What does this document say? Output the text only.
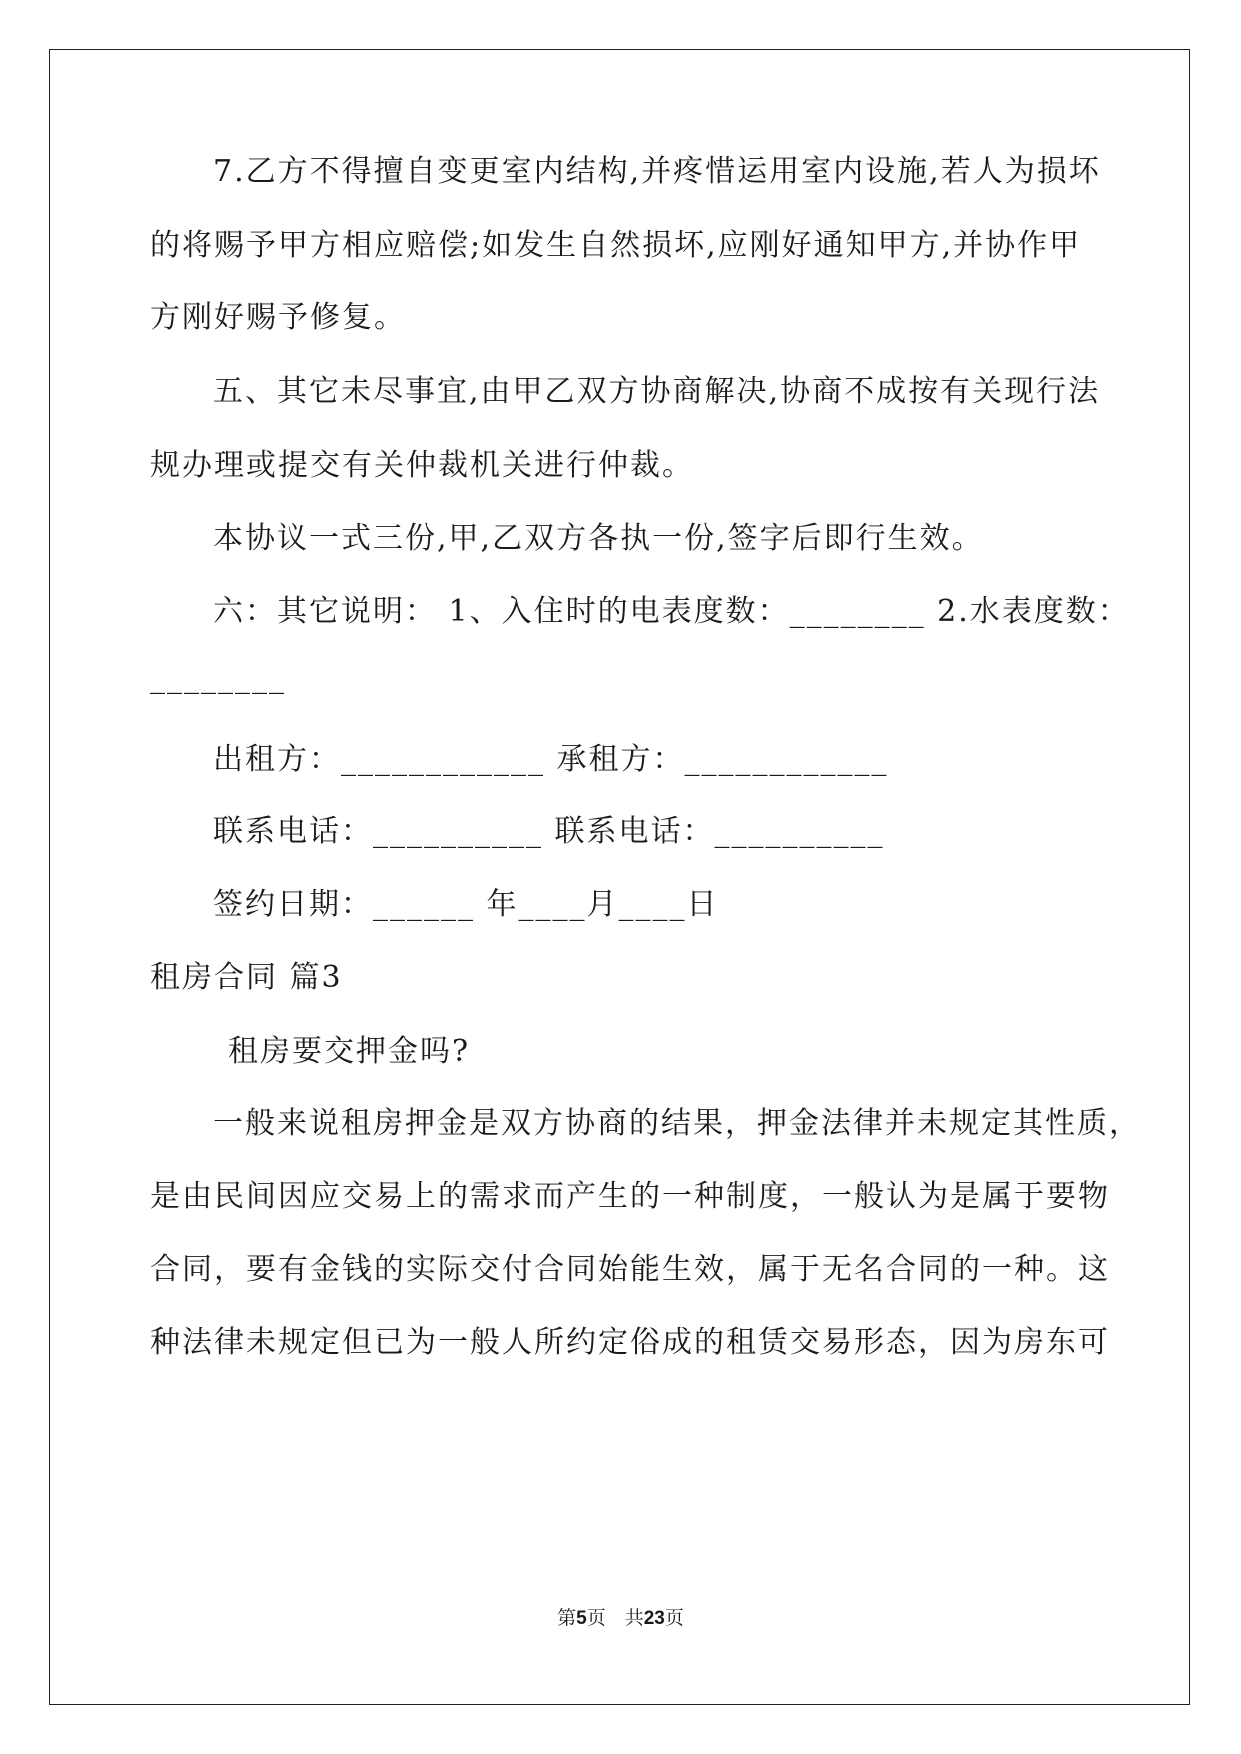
7.乙方不得擅自变更室内结构,并疼惜运用室内设施,若人为损坏
的将赐予甲方相应赔偿;如发生自然损坏,应刚好通知甲方,并协作甲
方刚好赐予修复。
五、其它未尽事宜,由甲乙双方协商解决,协商不成按有关现行法
规办理或提交有关仲裁机关进行仲裁。
本协议一式三份,甲,乙双方各执一份,签字后即行生效。
六：其它说明： 1、入住时的电表度数：________ 2.水表度数：
________
出租方：____________ 承租方：____________
联系电话：__________ 联系电话：__________
签约日期：______ 年____月____日
租房合同 篇3
租房要交押金吗?
一般来说租房押金是双方协商的结果，押金法律并未规定其性质，
是由民间因应交易上的需求而产生的一种制度，一般认为是属于要物
合同，要有金钱的实际交付合同始能生效，属于无名合同的一种。这
种法律未规定但已为一般人所约定俗成的租赁交易形态，因为房东可
第5页　共23页
